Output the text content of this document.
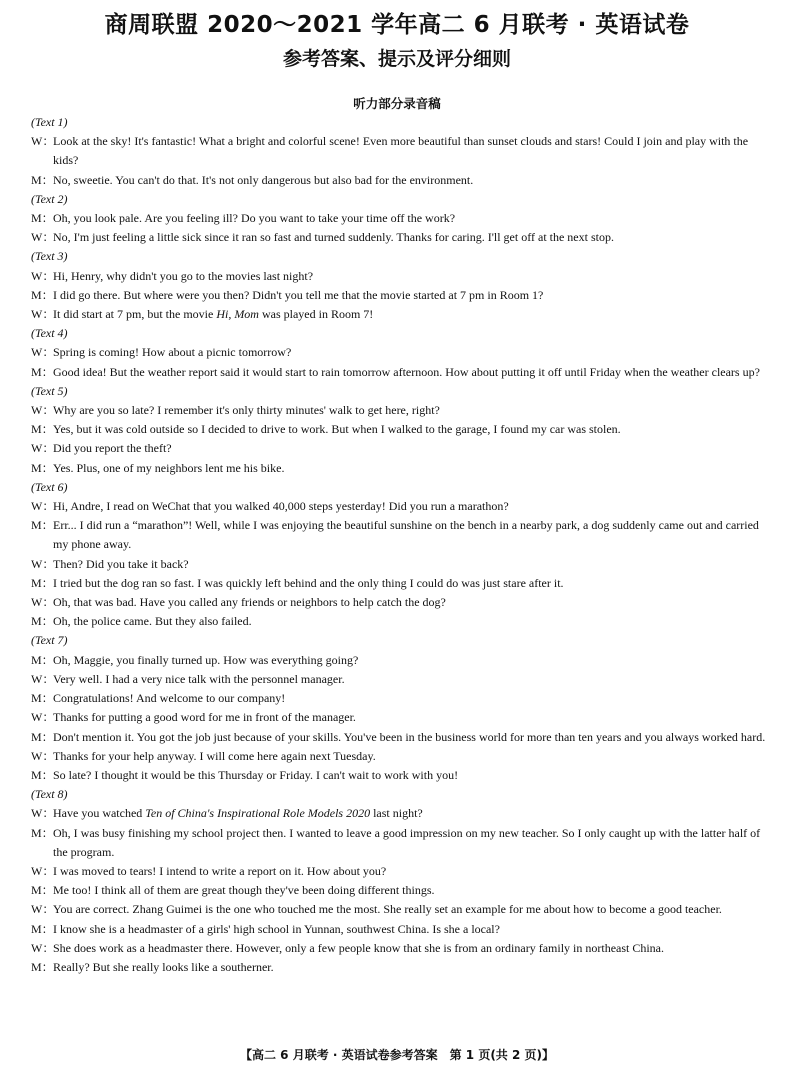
商周联盟 2020～2021 学年高二 6 月联考 · 英语试卷
参考答案、提示及评分细则
听力部分录音稿
(Text 1)
W：
Look at the sky! It's fantastic! What a bright and colorful scene! Even more beautiful than sunset clouds and stars! Could I join and play with the kids?
M： No, sweetie. You can't do that. It's not only dangerous but also bad for the environment.
(Text 2)
M： Oh, you look pale. Are you feeling ill? Do you want to take your time off the work?
W：
No, I'm just feeling a little sick since it ran so fast and turned suddenly. Thanks for caring. I'll get off at the next stop.
(Text 3)
W：
Hi, Henry, why didn't you go to the movies last night?
M： I did go there. But where were you then? Didn't you tell me that the movie started at 7 pm in Room 1?
W：
It did start at 7 pm, but the movie Hi, Mom was played in Room 7!
(Text 4)
W：
Spring is coming! How about a picnic tomorrow?
M： Good idea! But the weather report said it would start to rain tomorrow afternoon. How about putting it off until Friday when the weather clears up?
(Text 5)
W：
Why are you so late? I remember it's only thirty minutes' walk to get here, right?
M： Yes, but it was cold outside so I decided to drive to work. But when I walked to the garage, I found my car was stolen.
W：
Did you report the theft?
M： Yes. Plus, one of my neighbors lent me his bike.
(Text 6)
W：
Hi, Andre, I read on WeChat that you walked 40,000 steps yesterday! Did you run a marathon?
M： Err... I did run a “marathon”! Well, while I was enjoying the beautiful sunshine on the bench in a nearby park, a dog suddenly came out and carried my phone away.
W：
Then? Did you take it back?
M： I tried but the dog ran so fast. I was quickly left behind and the only thing I could do was just stare after it.
W：
Oh, that was bad. Have you called any friends or neighbors to help catch the dog?
M： Oh, the police came. But they also failed.
(Text 7)
M： Oh, Maggie, you finally turned up. How was everything going?
W：
Very well. I had a very nice talk with the personnel manager.
M： Congratulations! And welcome to our company!
W：
Thanks for putting a good word for me in front of the manager.
M： Don't mention it. You got the job just because of your skills. You've been in the business world for more than ten years and you always worked hard.
W：
Thanks for your help anyway. I will come here again next Tuesday.
M： So late? I thought it would be this Thursday or Friday. I can't wait to work with you!
(Text 8)
W：
Have you watched Ten of China's Inspirational Role Models 2020 last night?
M： Oh, I was busy finishing my school project then. I wanted to leave a good impression on my new teacher. So I only caught up with the latter half of the program.
W：
I was moved to tears! I intend to write a report on it. How about you?
M： Me too! I think all of them are great though they've been doing different things.
W：
You are correct. Zhang Guimei is the one who touched me the most. She really set an example for me about how to become a good teacher.
M： I know she is a headmaster of a girls' high school in Yunnan, southwest China. Is she a local?
W：
She does work as a headmaster there. However, only a few people know that she is from an ordinary family in northeast China.
M： Really? But she really looks like a southerner.
【高二 6 月联考 · 英语试卷参考答案　第 1 页(共 2 页)】
